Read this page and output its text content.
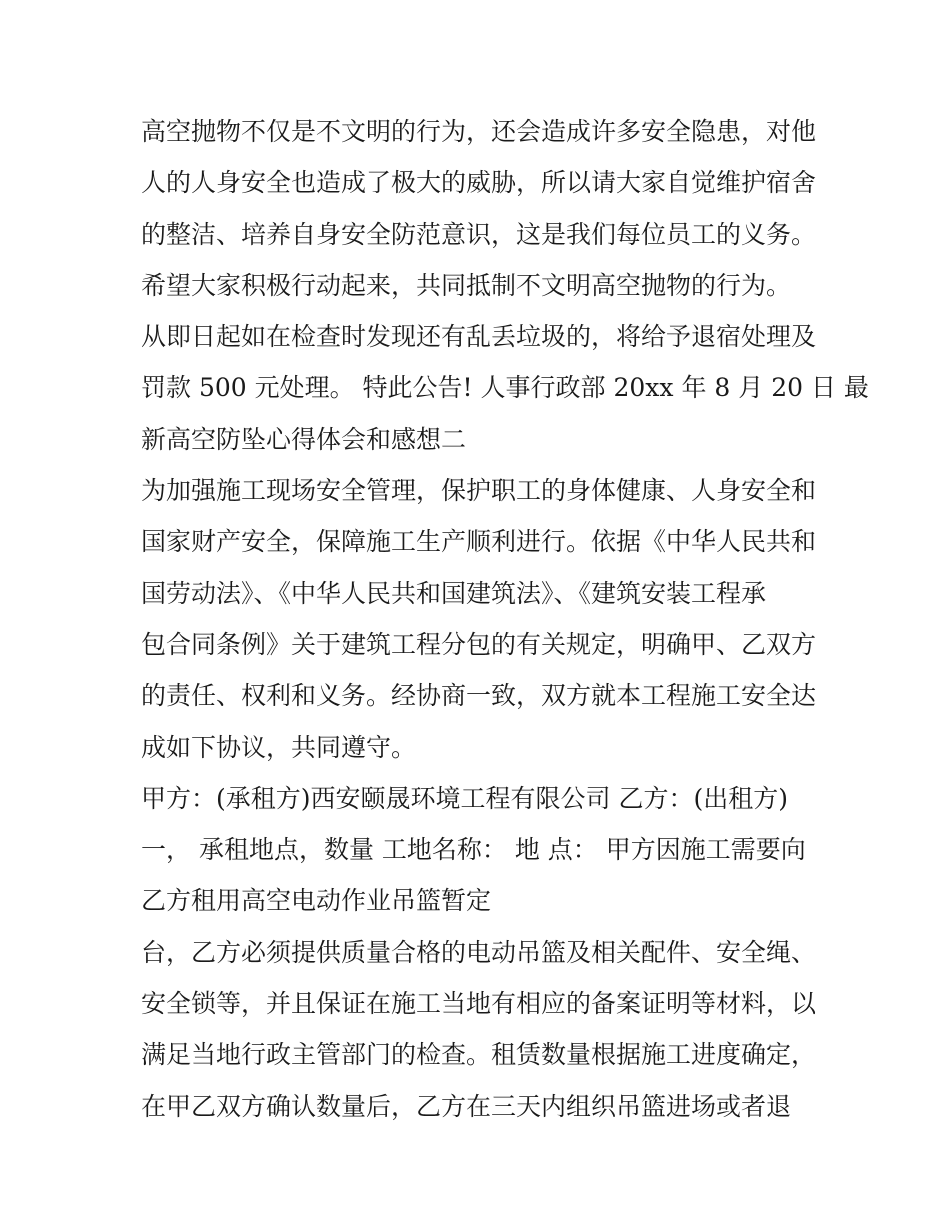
高空抛物不仅是不文明的行为，还会造成许多安全隐患，对他
人的人身安全也造成了极大的威胁，所以请大家自觉维护宿舍
的整洁、培养自身安全防范意识，这是我们每位员工的义务。
希望大家积极行动起来，共同抵制不文明高空抛物的行为。
从即日起如在检查时发现还有乱丢垃圾的，将给予退宿处理及
罚款 500 元处理。 特此公告! 人事行政部 20xx 年 8 月 20 日 最
新高空防坠心得体会和感想二
为加强施工现场安全管理，保护职工的身体健康、人身安全和
国家财产安全，保障施工生产顺利进行。依据《中华人民共和
国劳动法》、《中华人民共和国建筑法》、《建筑安装工程承
包合同条例》关于建筑工程分包的有关规定，明确甲、乙双方
的责任、权利和义务。经协商一致，双方就本工程施工安全达
成如下协议，共同遵守。
甲方：(承租方)西安颐晟环境工程有限公司 乙方：(出租方)
一， 承租地点，数量 工地名称： 地 点： 甲方因施工需要向
乙方租用高空电动作业吊篮暂定
台，乙方必须提供质量合格的电动吊篮及相关配件、安全绳、
安全锁等，并且保证在施工当地有相应的备案证明等材料，以
满足当地行政主管部门的检查。租赁数量根据施工进度确定，
在甲乙双方确认数量后，乙方在三天内组织吊篮进场或者退
